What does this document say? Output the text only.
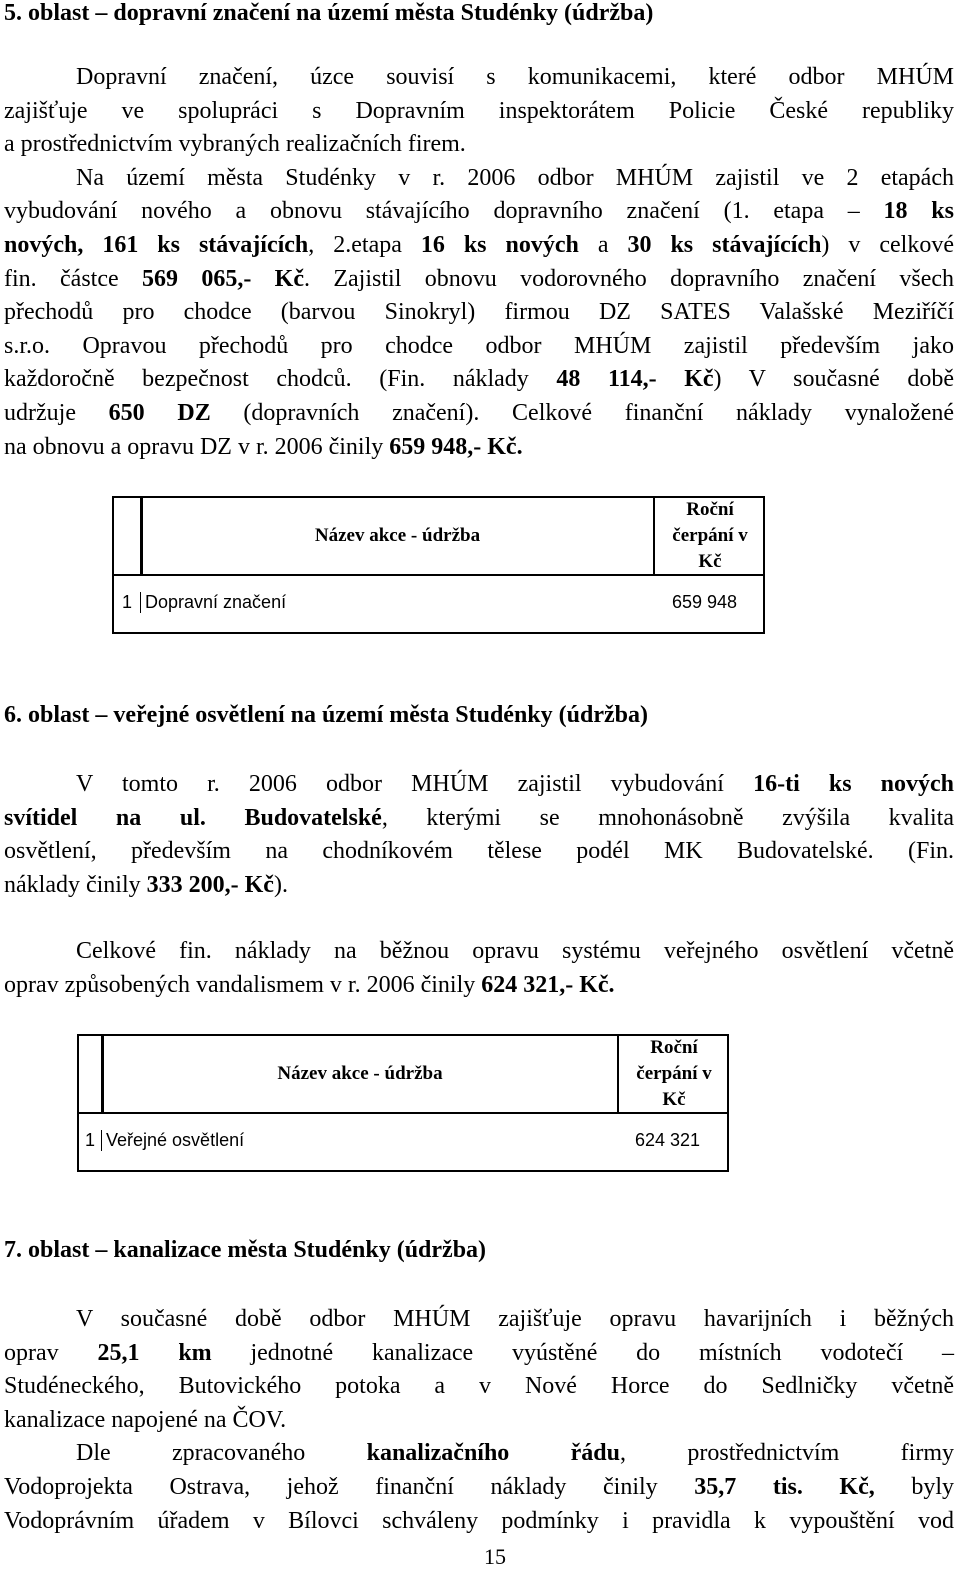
5. oblast – dopravní značení na území města Studénky (údržba)
Dopravní značení, úzce souvisí s komunikacemi, které odbor MHÚM
zajišťuje ve spolupráci s Dopravním inspektorátem Policie České republiky
a prostřednictvím vybraných realizačních firem.
Na území města Studénky v r. 2006 odbor MHÚM zajistil ve 2 etapách
vybudování nového a obnovu stávajícího dopravního značení (1. etapa – 18 ks
nových, 161 ks stávajících, 2.etapa 16 ks nových a 30 ks stávajících) v celkové
fin. částce 569 065,- Kč. Zajistil obnovu vodorovného dopravního značení všech
přechodů pro chodce (barvou Sinokryl) firmou DZ SATES Valašské Meziříčí
s.r.o. Opravou přechodů pro chodce odbor MHÚM zajistil především jako
každoročně bezpečnost chodců. (Fin. náklady 48 114,- Kč) V současné době
udržuje 650 DZ (dopravních značení). Celkové finanční náklady vynaložené
na obnovu a opravu DZ v r. 2006 činily 659 948,- Kč.
Název akce - údržba
Roční
čerpání v
Kč
1 Dopravní značení	659 948
6. oblast – veřejné osvětlení na území města Studénky (údržba)
V tomto r. 2006 odbor MHÚM zajistil vybudování 16-ti ks nových
svítidel na ul. Budovatelské, kterými se mnohonásobně zvýšila kvalita
osvětlení, především na chodníkovém tělese podél MK Budovatelské. (Fin.
náklady činily 333 200,- Kč).
Celkové fin. náklady na běžnou opravu systému veřejného osvětlení včetně
oprav způsobených vandalismem v r. 2006 činily 624 321,- Kč.
Název akce - údržba
Roční
čerpání v
Kč
1 Veřejné osvětlení	624 321
7. oblast – kanalizace města Studénky (údržba)
V současné době odbor MHÚM zajišťuje opravu havarijních i běžných
oprav 25,1 km jednotné kanalizace vyústěné do místních vodotečí –
Studéneckého, Butovického potoka a v Nové Horce do Sedlničky včetně
kanalizace napojené na ČOV.
Dle zpracovaného kanalizačního řádu, prostřednictvím firmy
Vodoprojekta Ostrava, jehož finanční náklady činily 35,7 tis. Kč, byly
Vodoprávním úřadem v Bílovci schváleny podmínky i pravidla k vypouštění vod
15
